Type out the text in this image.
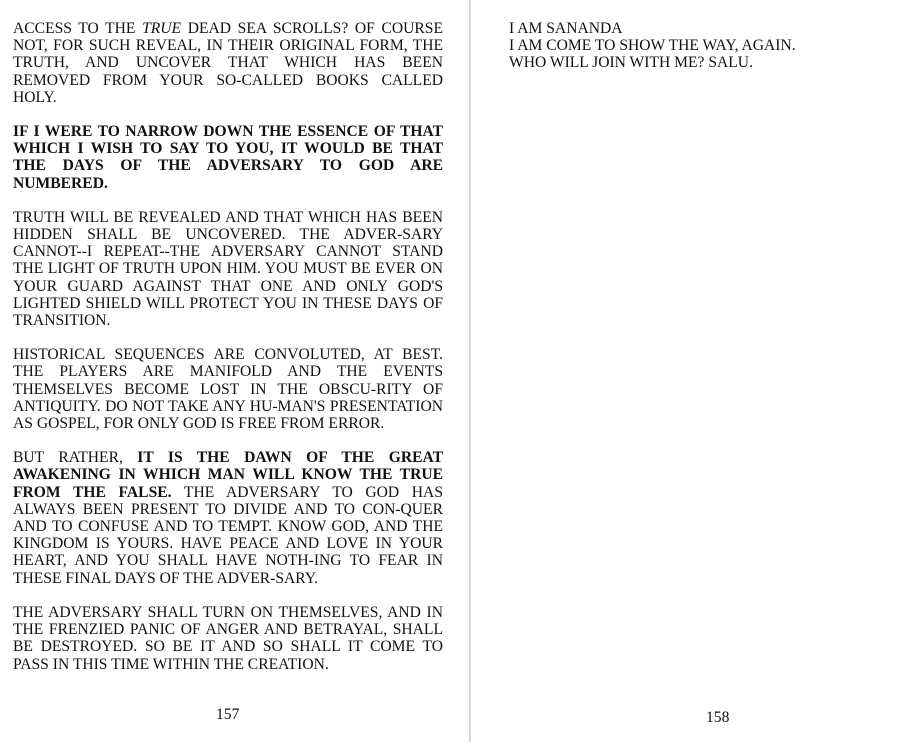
ACCESS TO THE TRUE DEAD SEA SCROLLS? OF COURSE NOT, FOR SUCH REVEAL, IN THEIR ORIGINAL FORM, THE TRUTH, AND UNCOVER THAT WHICH HAS BEEN REMOVED FROM YOUR SO-CALLED BOOKS CALLED HOLY.

IF I WERE TO NARROW DOWN THE ESSENCE OF THAT WHICH I WISH TO SAY TO YOU, IT WOULD BE THAT THE DAYS OF THE ADVERSARY TO GOD ARE NUMBERED.

TRUTH WILL BE REVEALED AND THAT WHICH HAS BEEN HIDDEN SHALL BE UNCOVERED. THE ADVER-SARY CANNOT--I REPEAT--THE ADVERSARY CANNOT STAND THE LIGHT OF TRUTH UPON HIM. YOU MUST BE EVER ON YOUR GUARD AGAINST THAT ONE AND ONLY GOD'S LIGHTED SHIELD WILL PROTECT YOU IN THESE DAYS OF TRANSITION.

HISTORICAL SEQUENCES ARE CONVOLUTED, AT BEST. THE PLAYERS ARE MANIFOLD AND THE EVENTS THEMSELVES BECOME LOST IN THE OBSCU-RITY OF ANTIQUITY. DO NOT TAKE ANY HU-MAN'S PRESENTATION AS GOSPEL, FOR ONLY GOD IS FREE FROM ERROR.

BUT RATHER, IT IS THE DAWN OF THE GREAT AWAKENING IN WHICH MAN WILL KNOW THE TRUE FROM THE FALSE. THE ADVERSARY TO GOD HAS ALWAYS BEEN PRESENT TO DIVIDE AND TO CON-QUER AND TO CONFUSE AND TO TEMPT. KNOW GOD, AND THE KINGDOM IS YOURS. HAVE PEACE AND LOVE IN YOUR HEART, AND YOU SHALL HAVE NOTH-ING TO FEAR IN THESE FINAL DAYS OF THE ADVER-SARY.

THE ADVERSARY SHALL TURN ON THEMSELVES, AND IN THE FRENZIED PANIC OF ANGER AND BETRAYAL, SHALL BE DESTROYED. SO BE IT AND SO SHALL IT COME TO PASS IN THIS TIME WITHIN THE CREATION.

157
I AM SANANDA
I AM COME TO SHOW THE WAY, AGAIN.
WHO WILL JOIN WITH ME? SALU.
158
